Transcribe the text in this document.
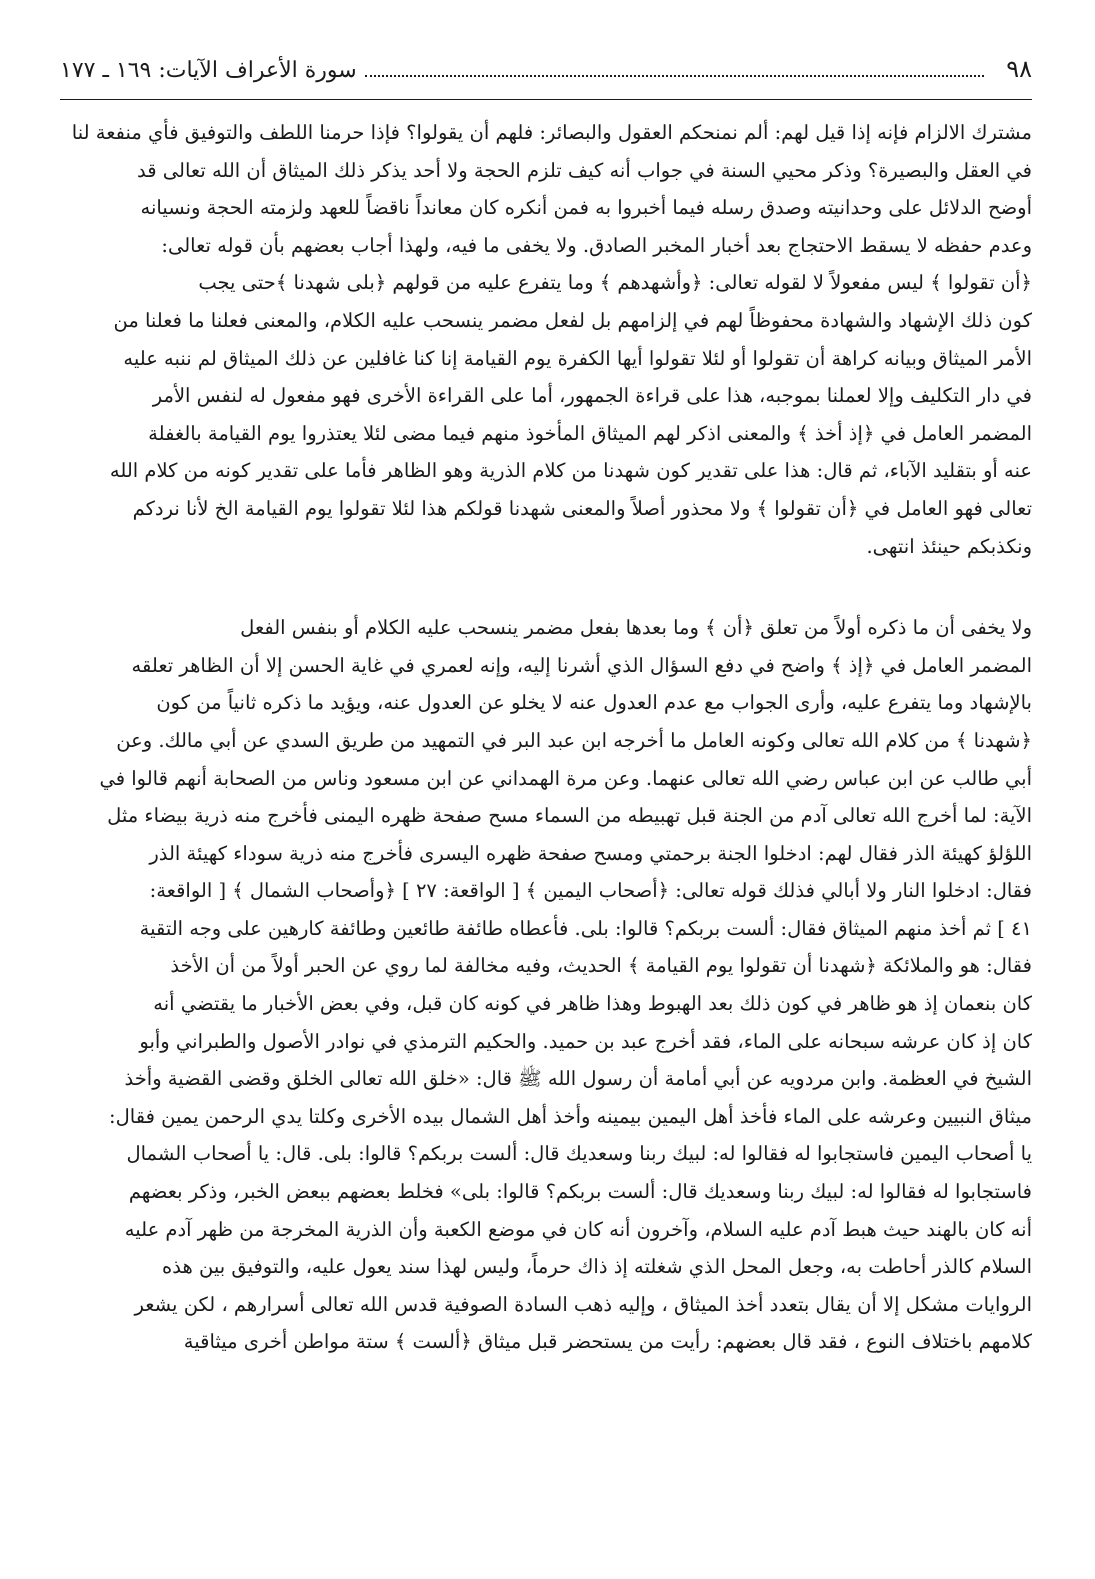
٩٨
سورة الأعراف الآيات: ١٦٩ ـ ١٧٧

مشترك الالزام فإنه إذا قيل لهم: ألم نمنحكم العقول والبصائر: فلهم أن يقولوا؟ فإذا حرمنا اللطف والتوفيق فأي منفعة لنا
في العقل والبصيرة؟ وذكر محيي السنة في جواب أنه كيف تلزم الحجة ولا أحد يذكر ذلك الميثاق أن الله تعالى قد
أوضح الدلائل على وحدانيته وصدق رسله فيما أخبروا به فمن أنكره كان معانداً ناقضاً للعهد ولزمته الحجة ونسيانه
وعدم حفظه لا يسقط الاحتجاج بعد أخبار المخبر الصادق. ولا يخفى ما فيه، ولهذا أجاب بعضهم بأن قوله تعالى:
﴿أن تقولوا ﴾ ليس مفعولاً لا لقوله تعالى: ﴿وأشهدهم ﴾ وما يتفرع عليه من قولهم ﴿بلى شهدنا ﴾حتى يجب
كون ذلك الإشهاد والشهادة محفوظاً لهم في إلزامهم بل لفعل مضمر ينسحب عليه الكلام، والمعنى فعلنا ما فعلنا من
الأمر الميثاق وبيانه كراهة أن تقولوا أو لئلا تقولوا أيها الكفرة يوم القيامة إنا كنا غافلين عن ذلك الميثاق لم ننبه عليه
في دار التكليف وإلا لعملنا بموجبه، هذا على قراءة الجمهور، أما على القراءة الأخرى فهو مفعول له لنفس الأمر
المضمر العامل في ﴿إذ أخذ ﴾ والمعنى اذكر لهم الميثاق المأخوذ منهم فيما مضى لئلا يعتذروا يوم القيامة بالغفلة
عنه أو بتقليد الآباء، ثم قال: هذا على تقدير كون شهدنا من كلام الذرية وهو الظاهر فأما على تقدير كونه من كلام الله
تعالى فهو العامل في ﴿أن تقولوا ﴾ ولا محذور أصلاً والمعنى شهدنا قولكم هذا لئلا تقولوا يوم القيامة الخ لأنا نردكم
ونكذبكم حينئذ انتهى.

ولا يخفى أن ما ذكره أولاً من تعلق ﴿أن ﴾ وما بعدها بفعل مضمر ينسحب عليه الكلام أو بنفس الفعل
المضمر العامل في ﴿إذ ﴾ واضح في دفع السؤال الذي أشرنا إليه، وإنه لعمري في غاية الحسن إلا أن الظاهر تعلقه
بالإشهاد وما يتفرع عليه، وأرى الجواب مع عدم العدول عنه لا يخلو عن العدول عنه، ويؤيد ما ذكره ثانياً من كون
﴿شهدنا ﴾ من كلام الله تعالى وكونه العامل ما أخرجه ابن عبد البر في التمهيد من طريق السدي عن أبي مالك. وعن
أبي طالب عن ابن عباس رضي الله تعالى عنهما. وعن مرة الهمداني عن ابن مسعود وناس من الصحابة أنهم قالوا في
الآية: لما أخرج الله تعالى آدم من الجنة قبل تهبيطه من السماء مسح صفحة ظهره اليمنى فأخرج منه ذرية بيضاء مثل
اللؤلؤ كهيئة الذر فقال لهم: ادخلوا الجنة برحمتي ومسح صفحة ظهره اليسرى فأخرج منه ذرية سوداء كهيئة الذر
فقال: ادخلوا النار ولا أبالي فذلك قوله تعالى: ﴿أصحاب اليمين ﴾ [ الواقعة: ٢٧ ] ﴿وأصحاب الشمال ﴾ [ الواقعة:
٤١ ] ثم أخذ منهم الميثاق فقال: ألست بربكم؟ قالوا: بلى. فأعطاه طائفة طائعين وطائفة كارهين على وجه التقية
فقال: هو والملائكة ﴿شهدنا أن تقولوا يوم القيامة ﴾ الحديث، وفيه مخالفة لما روي عن الحبر أولاً من أن الأخذ
كان بنعمان إذ هو ظاهر في كون ذلك بعد الهبوط وهذا ظاهر في كونه كان قبل، وفي بعض الأخبار ما يقتضي أنه
كان إذ كان عرشه سبحانه على الماء، فقد أخرج عبد بن حميد. والحكيم الترمذي في نوادر الأصول والطبراني وأبو
الشيخ في العظمة. وابن مردويه عن أبي أمامة أن رسول الله ﷺ قال: «خلق الله تعالى الخلق وقضى القضية وأخذ
ميثاق النبيين وعرشه على الماء فأخذ أهل اليمين بيمينه وأخذ أهل الشمال بيده الأخرى وكلتا يدي الرحمن يمين فقال:
يا أصحاب اليمين فاستجابوا له فقالوا له: لبيك ربنا وسعديك قال: ألست بربكم؟ قالوا: بلى. قال: يا أصحاب الشمال
فاستجابوا له فقالوا له: لبيك ربنا وسعديك قال: ألست بربكم؟ قالوا: بلى» فخلط بعضهم ببعض الخبر، وذكر بعضهم
أنه كان بالهند حيث هبط آدم عليه السلام، وآخرون أنه كان في موضع الكعبة وأن الذرية المخرجة من ظهر آدم عليه
السلام كالذر أحاطت به، وجعل المحل الذي شغلته إذ ذاك حرماً، وليس لهذا سند يعول عليه، والتوفيق بين هذه
الروايات مشكل إلا أن يقال بتعدد أخذ الميثاق ، وإليه ذهب السادة الصوفية قدس الله تعالى أسرارهم ، لكن يشعر
كلامهم باختلاف النوع ، فقد قال بعضهم: رأيت من يستحضر قبل ميثاق ﴿ألست ﴾ ستة مواطن أخرى ميثاقية
